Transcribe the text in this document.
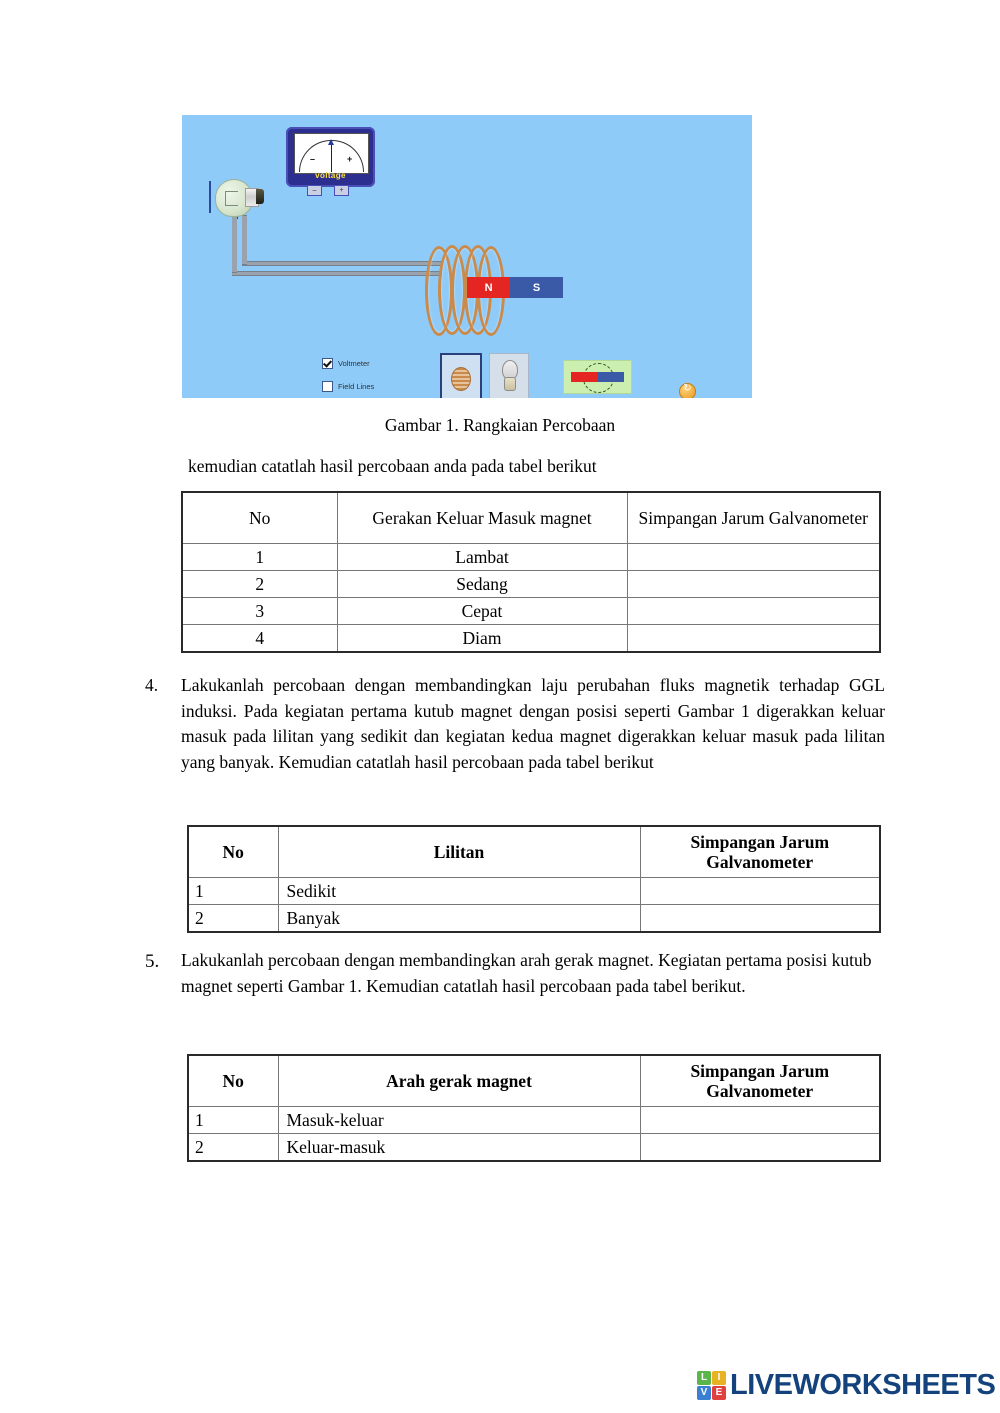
–	+
voltage
–	+
N	S
Voltmeter
Field Lines
↻
Gambar 1. Rangkaian Percobaan
kemudian catatlah hasil percobaan anda pada tabel berikut
No	Gerakan Keluar Masuk magnet	Simpangan Jarum Galvanometer
1	Lambat	
2	Sedang	
3	Cepat	
4	Diam	
4.	Lakukanlah percobaan dengan membandingkan laju perubahan fluks magnetik terhadap GGL induksi. Pada kegiatan pertama kutub magnet dengan posisi seperti Gambar 1 digerakkan keluar masuk pada lilitan yang sedikit dan kegiatan kedua magnet digerakkan keluar masuk pada lilitan yang banyak. Kemudian catatlah hasil percobaan pada tabel berikut
No	Lilitan	Simpangan Jarum Galvanometer
1	Sedikit	
2	Banyak	
5.	Lakukanlah percobaan dengan membandingkan arah gerak magnet. Kegiatan pertama posisi kutub magnet seperti Gambar 1. Kemudian catatlah hasil percobaan pada tabel berikut.
No	Arah gerak magnet	Simpangan Jarum Galvanometer
1	Masuk-keluar	
2	Keluar-masuk	
L	I
V E LIVEWORKSHEETS
